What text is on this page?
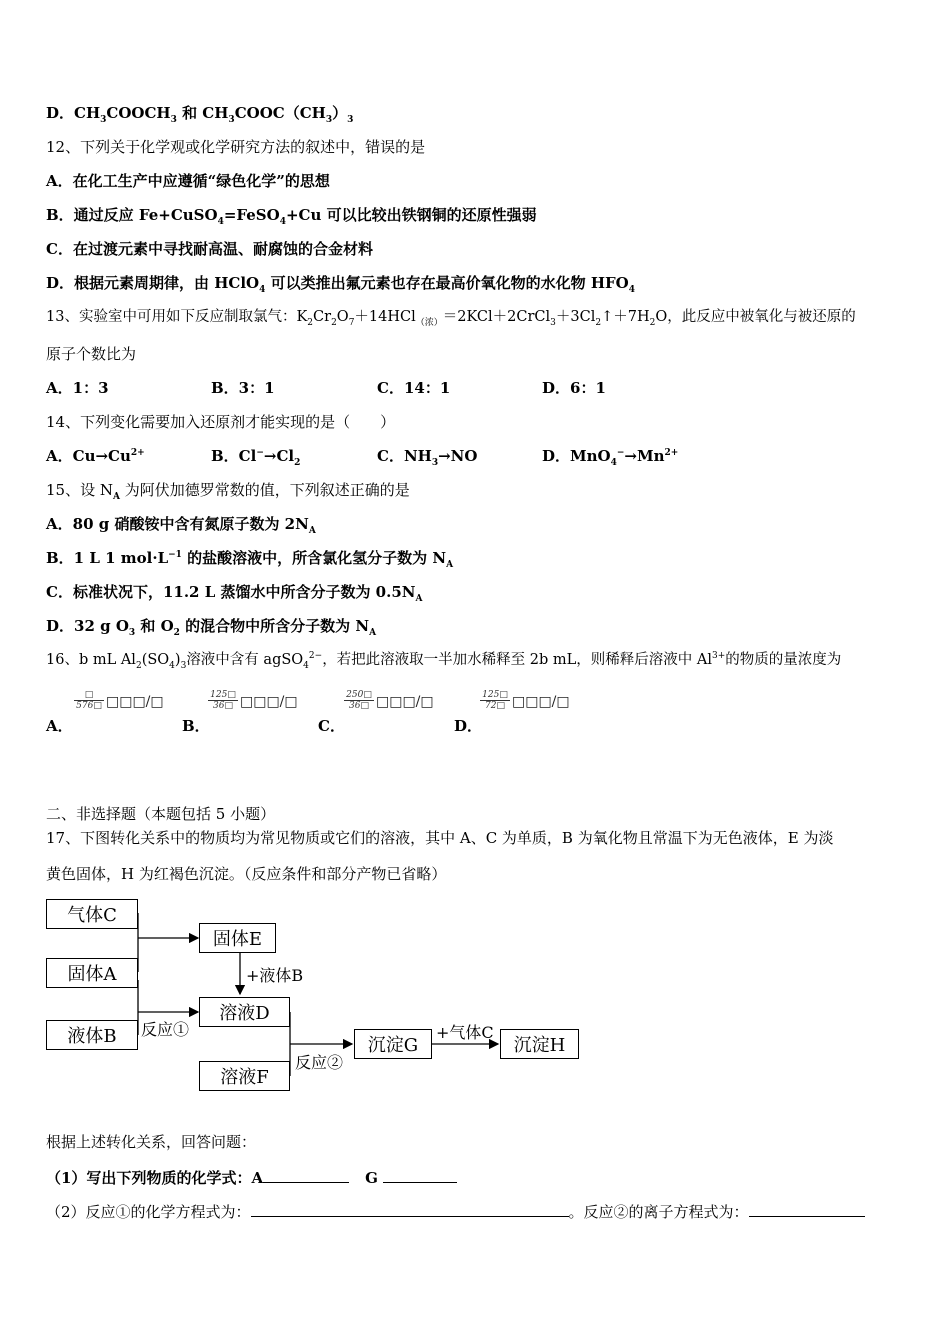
D．$CH_3COOCH_3$ 和 $CH_3COOC(CH_3)_3$
12、下列关于化学观或化学研究方法的叙述中，错误的是
A．在化工生产中应遵循“绿色化学”的思想
B．通过反应 Fe+CuSO$_4$=FeSO$_4$+Cu 可以比较出铁钢铜的还原性强弱
C．在过渡元素中寻找耐高温、耐腐蚀的合金材料
D．根据元素周期律，由 HClO$_4$ 可以类推出氟元素也存在最高价氧化物的水化物 $HFO_4$
13、实验室中可用如下反应制取氯气：$K_2Cr_2O_7+14HCl_{(浓)}=2KCl+2CrCl_3+3Cl_2↑+7H_2O$，此反应中被氧化与被还原的
原子个数比为
A．1：3	B．3：1	C．14：1	D．6：1
14、下列变化需要加入还原剂才能实现的是（　　）
A．$Cu\to Cu^{2+}$	B．$Cl^-\to Cl_2$	C．$NH_3\to NO$	D．$MnO_4^-\to Mn^{2+}$
15、设 $N_A$ 为阿伏加德罗常数的值，下列叙述正确的是
A．80 g 硝酸铵中含有氮原子数为 $2N_A$
B．1 L 1 $mol\cdot L^{-1}$ 的盐酸溶液中，所含氯化氢分子数为 $N_A$
C．标准状况下，11.2 L 蒸馏水中所含分子数为 $0.5N_A$
D．32 g $O_3$ 和 $O_2$ 的混合物中所含分子数为 $N_A$
16、b mL $Al_2(SO_4)_3$溶液中含有 agSO$_4^{2-}$，若把此溶液取一半加水稀释至 2b mL，则稀释后溶液中 $Al^{3+}$的物质的量浓度为
A．
□
576□ □□□/□
B．
$\frac{125□}{36□}$ □□□/□
C．
$\frac{250□}{36□}$ □□□/□
D．
$\frac{125□}{72□}$ □□□/□
二、非选择题（本题包括 5 小题）
17、下图转化关系中的物质均为常见物质或它们的溶液，其中 A、C 为单质，B 为氧化物且常温下为无色液体，E 为淡
黄色固体，H 为红褐色沉淀。（反应条件和部分产物已省略）
气体C
固体A
液体B
固体E
溶液D
溶液F
沉淀G	沉淀H
+液体B
反应①
反应②
+气体C
根据上述转化关系，回答问题：
（1）写出下列物质的化学式：A	G
（2）反应①的化学方程式为：	。反应②的离子方程式为：
